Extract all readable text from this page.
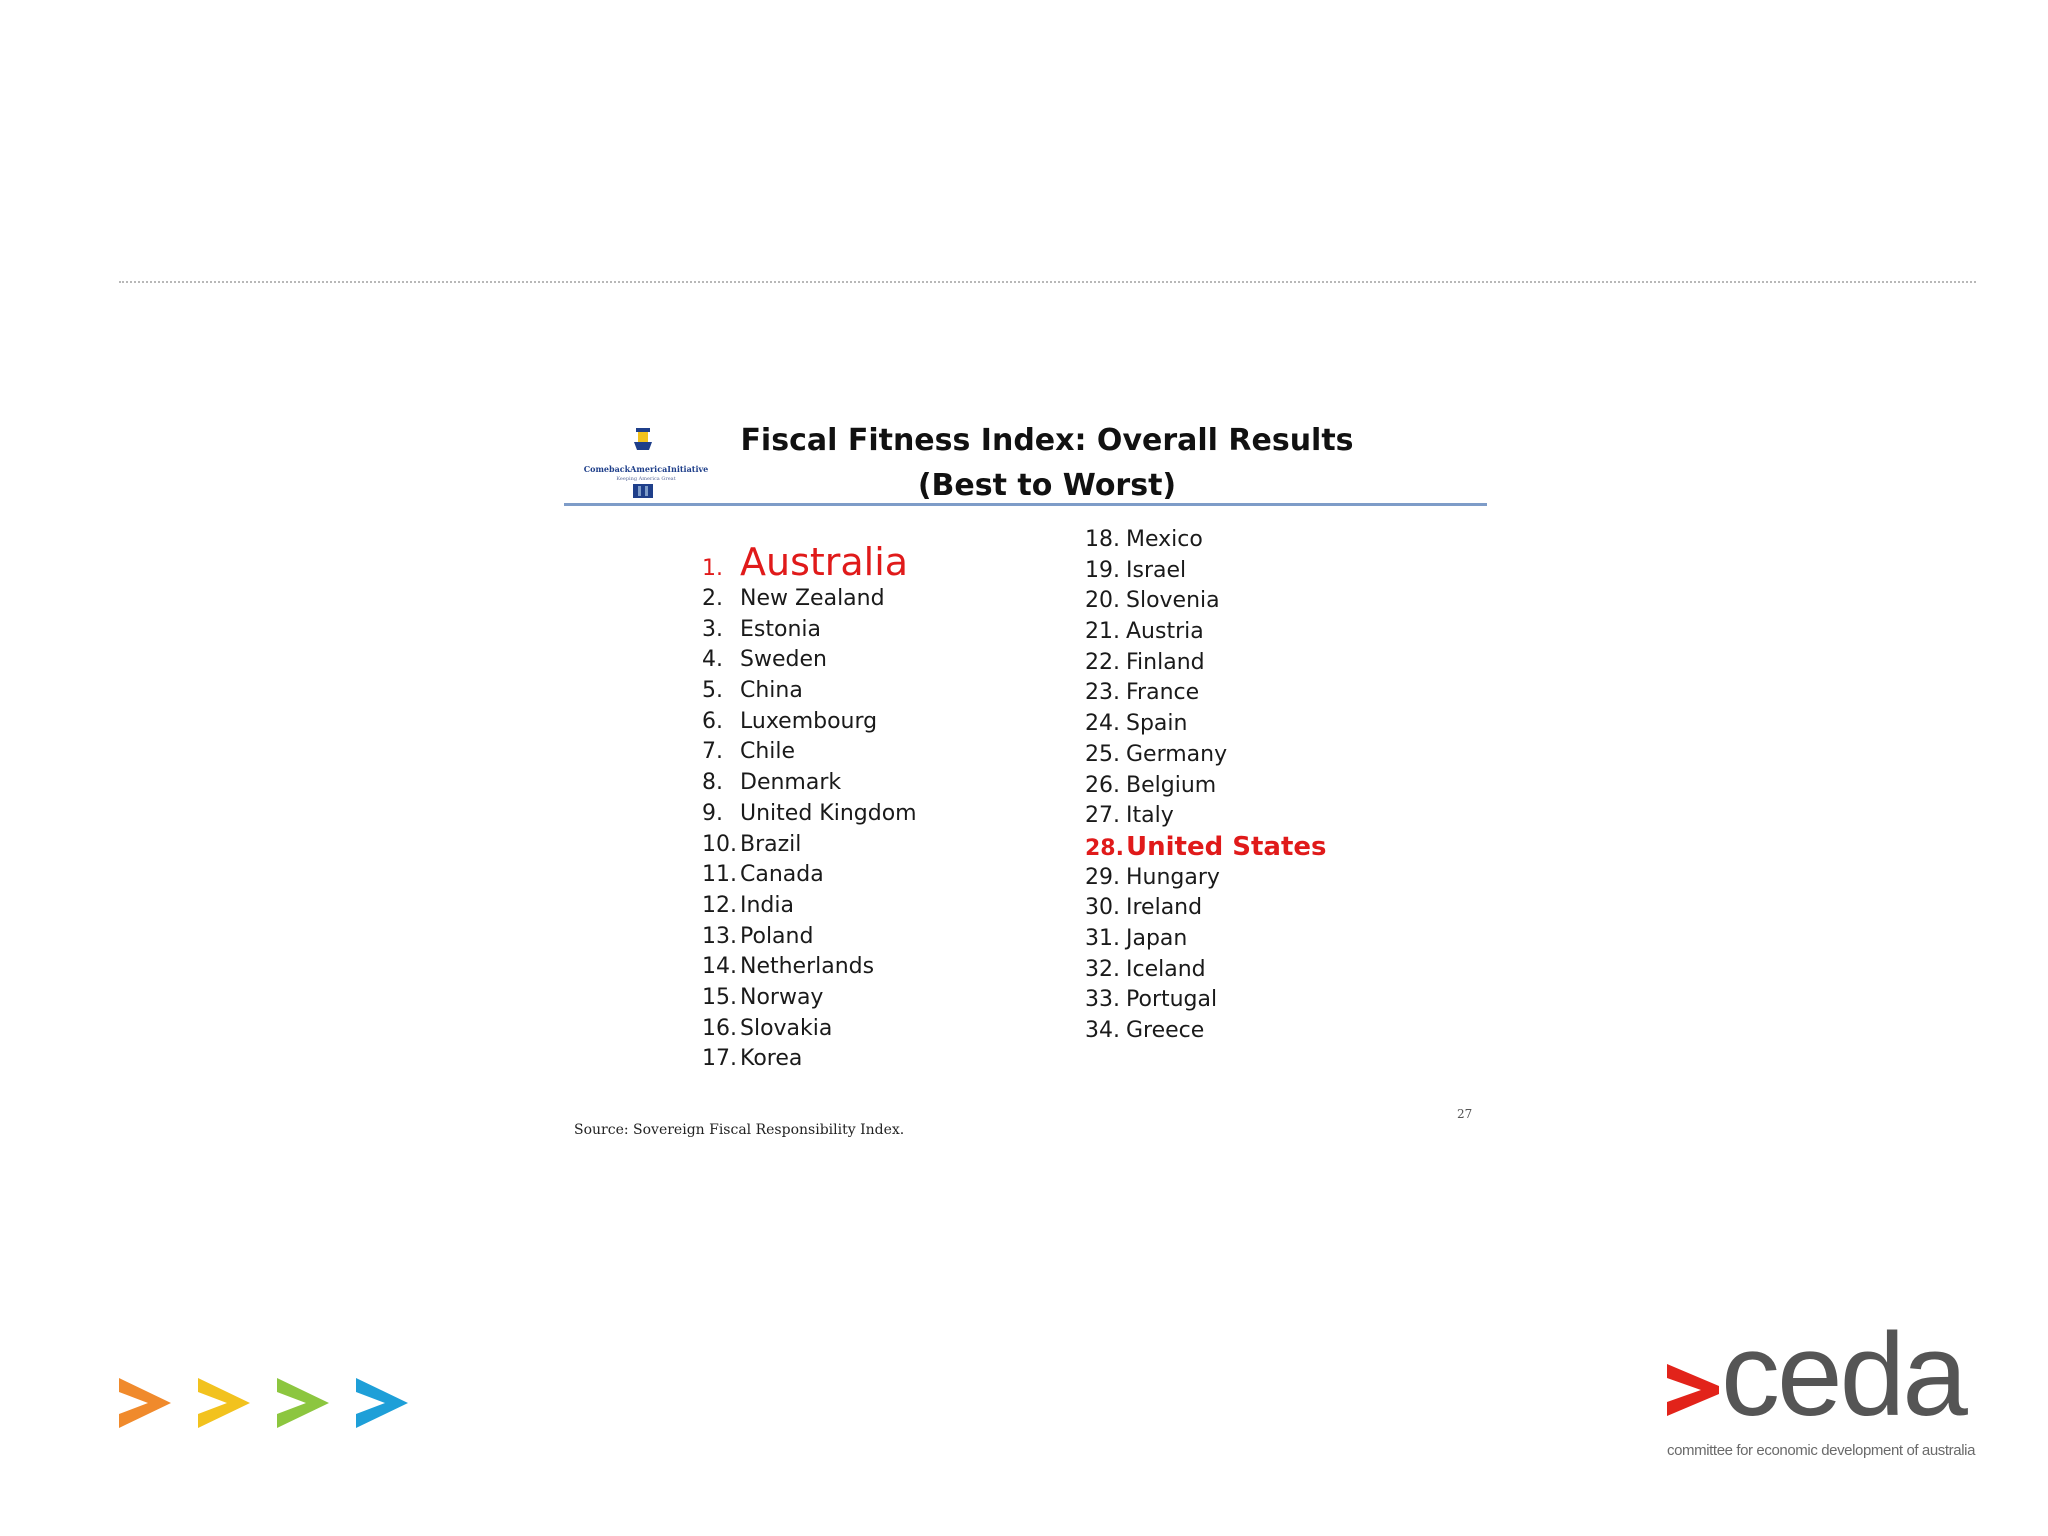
ComebackAmericaInitiative
Keeping America Great
Fiscal Fitness Index: Overall Results
(Best to Worst)
1. Australia
2. New Zealand
3. Estonia
4. Sweden
5. China
6. Luxembourg
7. Chile
8. Denmark
9. United Kingdom
10. Brazil
11. Canada
12. India
13. Poland
14. Netherlands
15. Norway
16. Slovakia
17. Korea
18. Mexico
19. Israel
20. Slovenia
21. Austria
22. Finland
23. France
24. Spain
25. Germany
26. Belgium
27. Italy
28.United States
29. Hungary
30. Ireland
31. Japan
32. Iceland
33. Portugal
34. Greece
Source: Sovereign Fiscal Responsibility Index.
27
ceda
committee for economic development of australia
